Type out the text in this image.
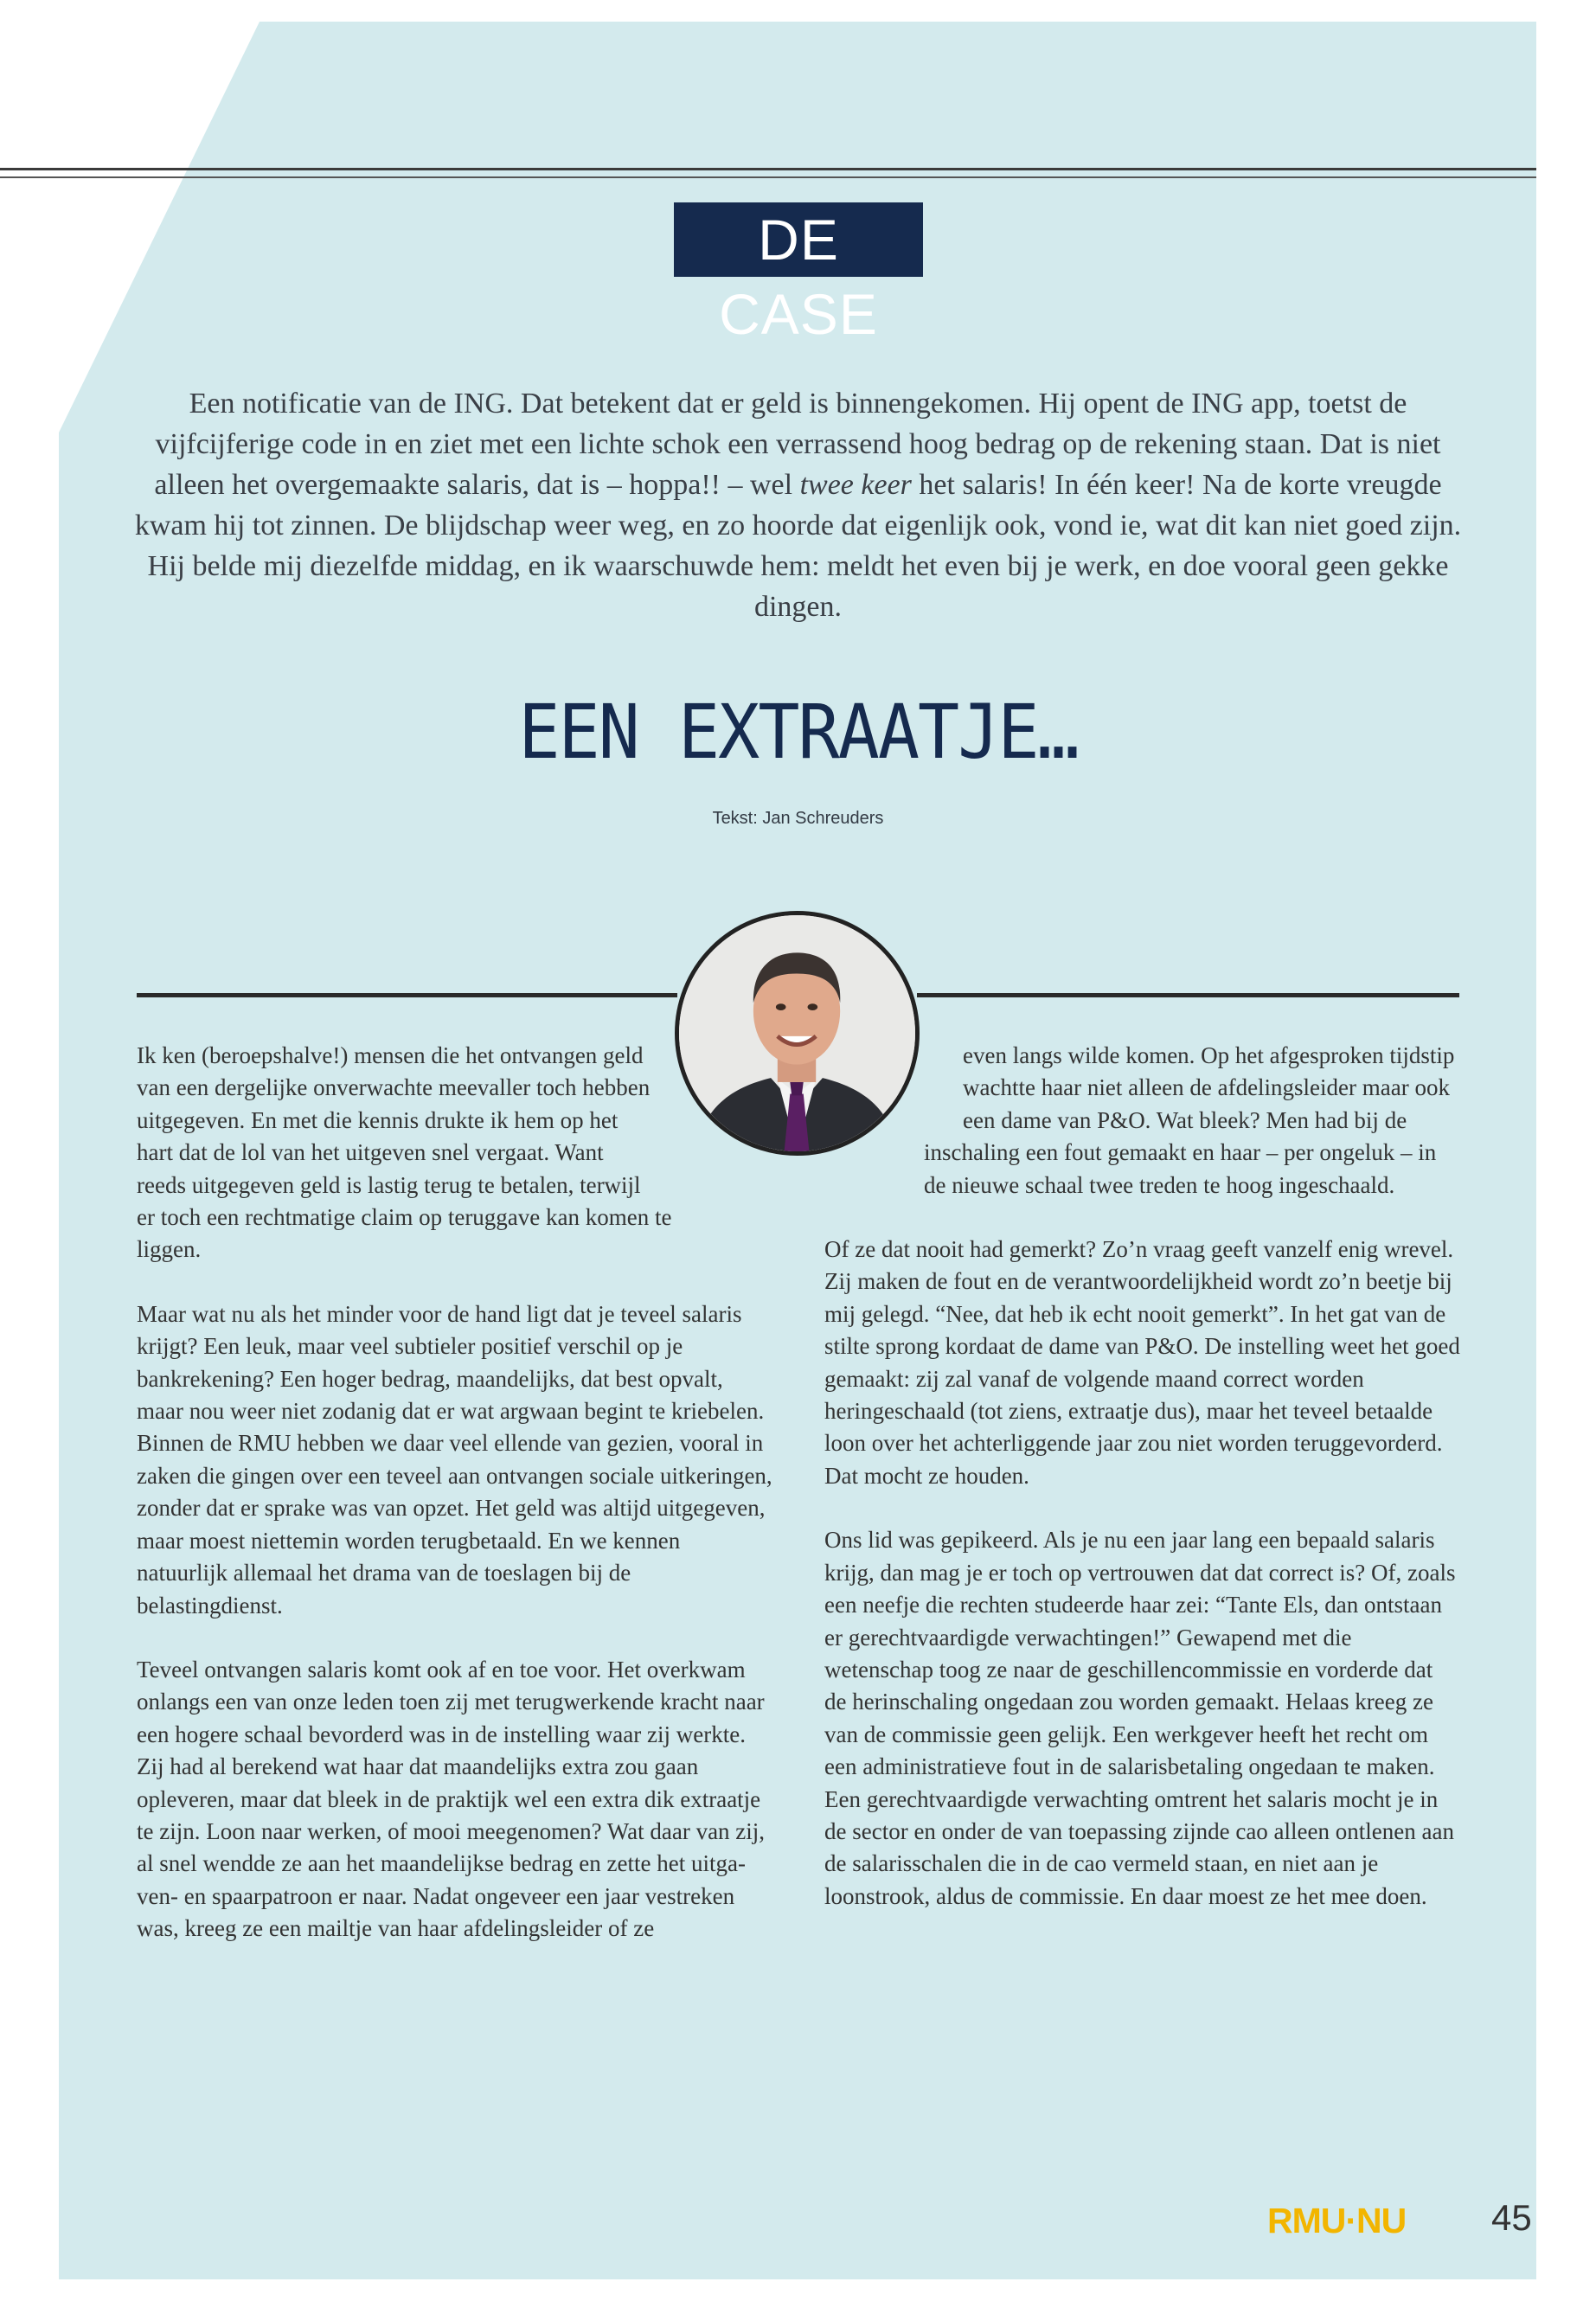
DE CASE

Een notificatie van de ING. Dat betekent dat er geld is binnengekomen. Hij opent de ING app, toetst de vijfcijferige code in en ziet met een lichte schok een verrassend hoog bedrag op de rekening staan. Dat is niet alleen het overgemaakte salaris, dat is – hoppa!! – wel twee keer het salaris! In één keer! Na de korte vreugde kwam hij tot zinnen. De blijdschap weer weg, en zo hoorde dat eigenlijk ook, vond ie, wat dit kan niet goed zijn. Hij belde mij diezelfde middag, en ik waarschuwde hem: meldt het even bij je werk, en doe vooral geen gekke dingen.

EEN EXTRAATJE…
Tekst: Jan Schreuders

Ik ken (beroepshalve!) mensen die het ontvangen geld van een dergelijke onverwachte meevaller toch hebben uitgegeven. En met die kennis drukte ik hem op het hart dat de lol van het uitgeven snel vergaat. Want reeds uitgegeven geld is lastig terug te betalen, terwijl er toch een rechtmatige claim op teruggave kan komen te liggen.

Maar wat nu als het minder voor de hand ligt dat je teveel salaris krijgt? Een leuk, maar veel subtieler positief verschil op je bankrekening? Een hoger bedrag, maandelijks, dat best opvalt, maar nou weer niet zodanig dat er wat argwaan begint te kriebelen. Binnen de RMU hebben we daar veel ellende van gezien, vooral in zaken die gingen over een teveel aan ontvangen sociale uitkeringen, zonder dat er sprake was van opzet. Het geld was altijd uitgegeven, maar moest niettemin worden terugbetaald. En we kennen natuurlijk allemaal het drama van de toeslagen bij de belastingdienst.

Teveel ontvangen salaris komt ook af en toe voor. Het overkwam onlangs een van onze leden toen zij met terugwerkende kracht naar een hogere schaal bevorderd was in de instelling waar zij werkte. Zij had al berekend wat haar dat maandelijks extra zou gaan opleveren, maar dat bleek in de praktijk wel een extra dik extraatje te zijn. Loon naar werken, of mooi meegenomen? Wat daar van zij, al snel wendde ze aan het maandelijkse bedrag en zette het uitgaven- en spaarpatroon er naar. Nadat ongeveer een jaar vestreken was, kreeg ze een mailtje van haar afdelingsleider of ze

even langs wilde komen. Op het afgesproken tijdstip wachtte haar niet alleen de afdelingsleider maar ook een dame van P&O. Wat bleek? Men had bij de inschaling een fout gemaakt en haar – per ongeluk – in de nieuwe schaal twee treden te hoog ingeschaald.

Of ze dat nooit had gemerkt? Zo’n vraag geeft vanzelf enig wrevel. Zij maken de fout en de verantwoordelijkheid wordt zo’n beetje bij mij gelegd. “Nee, dat heb ik echt nooit gemerkt”. In het gat van de stilte sprong kordaat de dame van P&O. De instelling weet het goed gemaakt: zij zal vanaf de volgende maand correct worden heringeschaald (tot ziens, extraatje dus), maar het teveel betaalde loon over het achterliggende jaar zou niet worden teruggevorderd. Dat mocht ze houden.

Ons lid was gepikeerd. Als je nu een jaar lang een bepaald salaris krijg, dan mag je er toch op vertrouwen dat dat correct is? Of, zoals een neefje die rechten studeerde haar zei: “Tante Els, dan ontstaan er gerechtvaardigde verwachtingen!” Gewapend met die wetenschap toog ze naar de geschillencommissie en vorderde dat de herinschaling ongedaan zou worden gemaakt. Helaas kreeg ze van de commissie geen gelijk. Een werkgever heeft het recht om een administratieve fout in de salarisbetaling ongedaan te maken. Een gerechtvaardigde verwachting omtrent het salaris mocht je in de sector en onder de van toepassing zijnde cao alleen ontlenen aan de salarisschalen die in de cao vermeld staan, en niet aan je loonstrook, aldus de commissie. En daar moest ze het mee doen.

RMU·NU 45
